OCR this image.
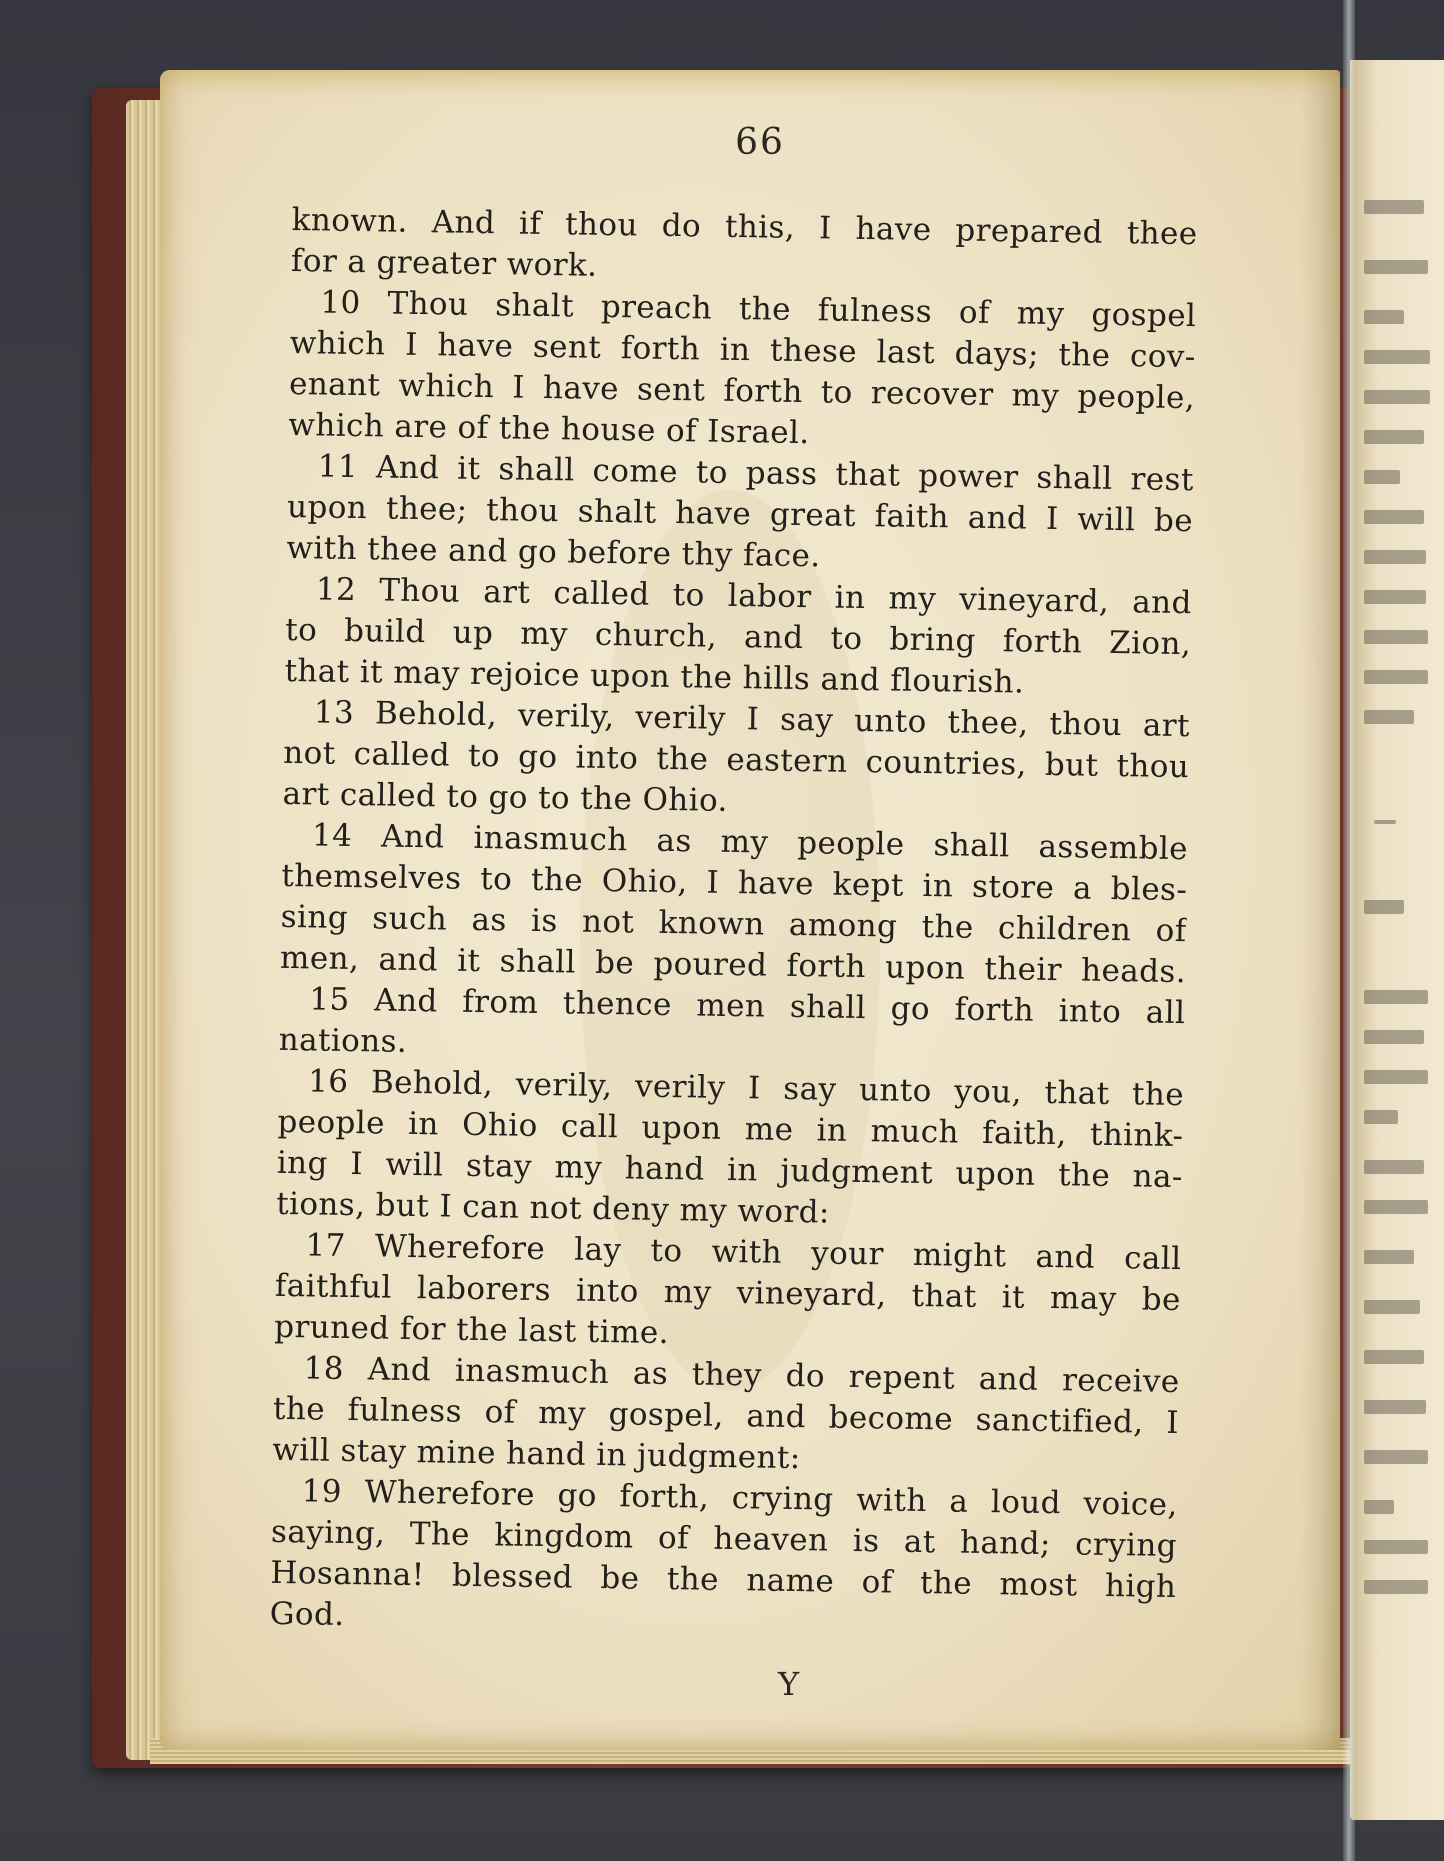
66
known. And if thou do this, I have prepared thee
for a greater work.
10 Thou shalt preach the fulness of my gospel
which I have sent forth in these last days; the cov-
enant which I have sent forth to recover my people,
which are of the house of Israel.
11 And it shall come to pass that power shall rest
upon thee; thou shalt have great faith and I will be
with thee and go before thy face.
12 Thou art called to labor in my vineyard, and
to build up my church, and to bring forth Zion,
that it may rejoice upon the hills and flourish.
13 Behold, verily, verily I say unto thee, thou art
not called to go into the eastern countries, but thou
art called to go to the Ohio.
14 And inasmuch as my people shall assemble
themselves to the Ohio, I have kept in store a bles-
sing such as is not known among the children of
men, and it shall be poured forth upon their heads.
15 And from thence men shall go forth into all
nations.
16 Behold, verily, verily I say unto you, that the
people in Ohio call upon me in much faith, think-
ing I will stay my hand in judgment upon the na-
tions, but I can not deny my word:
17 Wherefore lay to with your might and call
faithful laborers into my vineyard, that it may be
pruned for the last time.
18 And inasmuch as they do repent and receive
the fulness of my gospel, and become sanctified, I
will stay mine hand in judgment:
19 Wherefore go forth, crying with a loud voice,
saying, The kingdom of heaven is at hand; crying
Hosanna! blessed be the name of the most high
God.
Y
